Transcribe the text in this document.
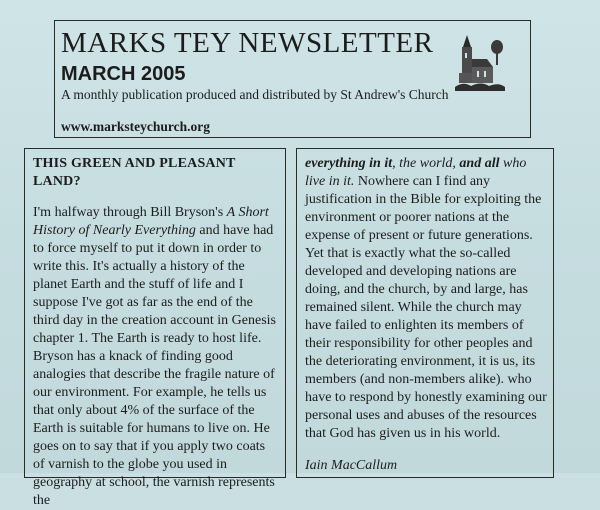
MARKS TEY NEWSLETTER
MARCH 2005
A monthly publication produced and distributed by St Andrew's Church
www.marksteychurch.org
THIS GREEN AND PLEASANT LAND?

I'm halfway through Bill Bryson's A Short History of Nearly Everything and have had to force myself to put it down in order to write this. It's actually a history of the planet Earth and the stuff of life and I suppose I've got as far as the end of the third day in the creation account in Genesis chapter 1. The Earth is ready to host life.

Bryson has a knack of finding good analogies that describe the fragile nature of our environment. For example, he tells us that only about 4% of the surface of the Earth is suitable for humans to live on. He goes on to say that if you apply two coats of varnish to the globe you used in geography at school, the varnish represents the

everything in it, the world, and all who live in it. Nowhere can I find any justification in the Bible for exploiting the environment or poorer nations at the expense of present or future generations. Yet that is exactly what the so-called developed and developing nations are doing, and the church, by and large, has remained silent. While the church may have failed to enlighten its members of their responsibility for other peoples and the deteriorating environment, it is us, its members (and non-members alike). who have to respond by honestly examining our personal uses and abuses of the resources that God has given us in his world.

Iain MacCallum
